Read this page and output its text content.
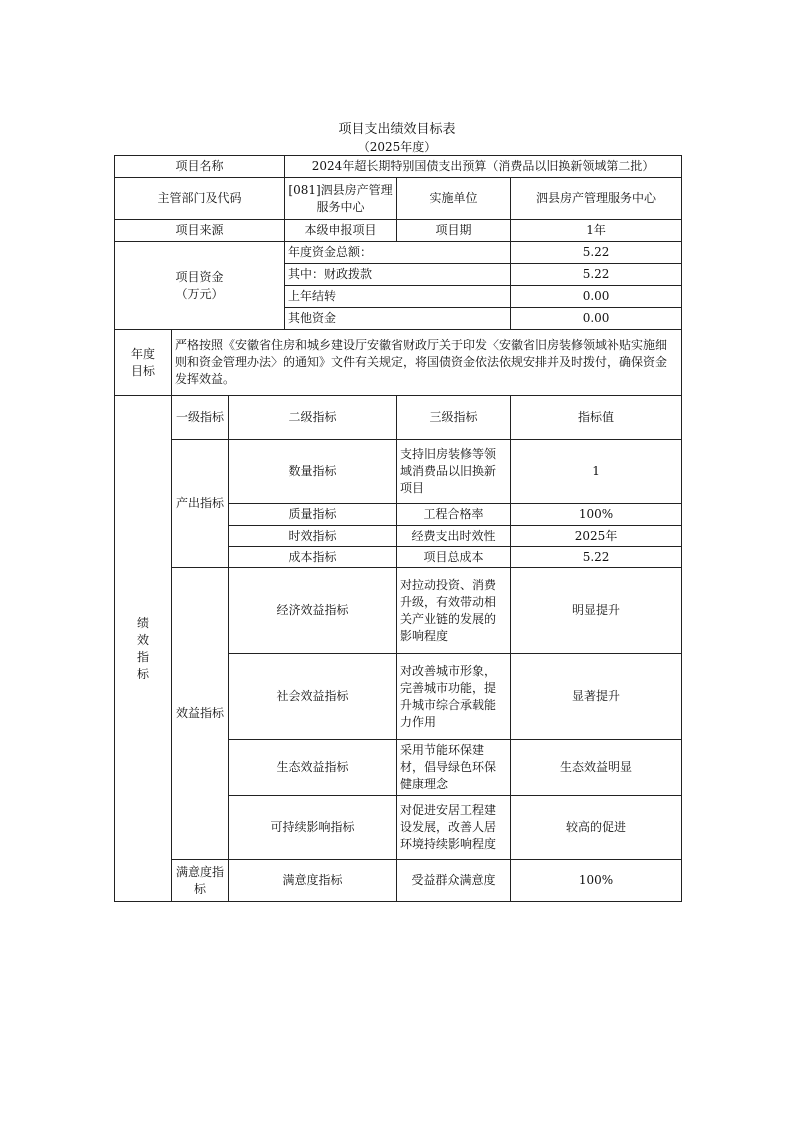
项目支出绩效目标表
（2025年度）
项目名称			2024年超长期特别国债支出预算（消费品以旧换新领域第二批）		
主管部门及代码			[081]泗县房产管理服务中心	实施单位	泗县房产管理服务中心
项目来源			本级申报项目	项目期	1年

项目资金
（万元）			年度资金总额：		5.22
			其中：财政拨款		5.22
			上年结转		0.00
			其他资金		0.00

年度
目标	严格按照《安徽省住房和城乡建设厅安徽省财政厅关于印发〈安徽省旧房装修领域补贴实施细则和资金管理办法〉的通知》文件有关规定，将国债资金依法依规安排并及时拨付，确保资金发挥效益。				

绩
效
指
标	一级指标	二级指标		三级指标	指标值
	产出指标	数量指标		支持旧房装修等领域消费品以旧换新项目	1
		质量指标		工程合格率	100%
		时效指标		经费支出时效性	2025年
		成本指标		项目总成本	5.22
	效益指标	经济效益指标		对拉动投资、消费升级，有效带动相关产业链的发展的影响程度	明显提升
		社会效益指标		对改善城市形象，完善城市功能，提升城市综合承载能力作用	显著提升
		生态效益指标		采用节能环保建材，倡导绿色环保健康理念	生态效益明显
		可持续影响指标		对促进安居工程建设发展，改善人居环境持续影响程度	较高的促进
	满意度指标	满意度指标		受益群众满意度	100%
